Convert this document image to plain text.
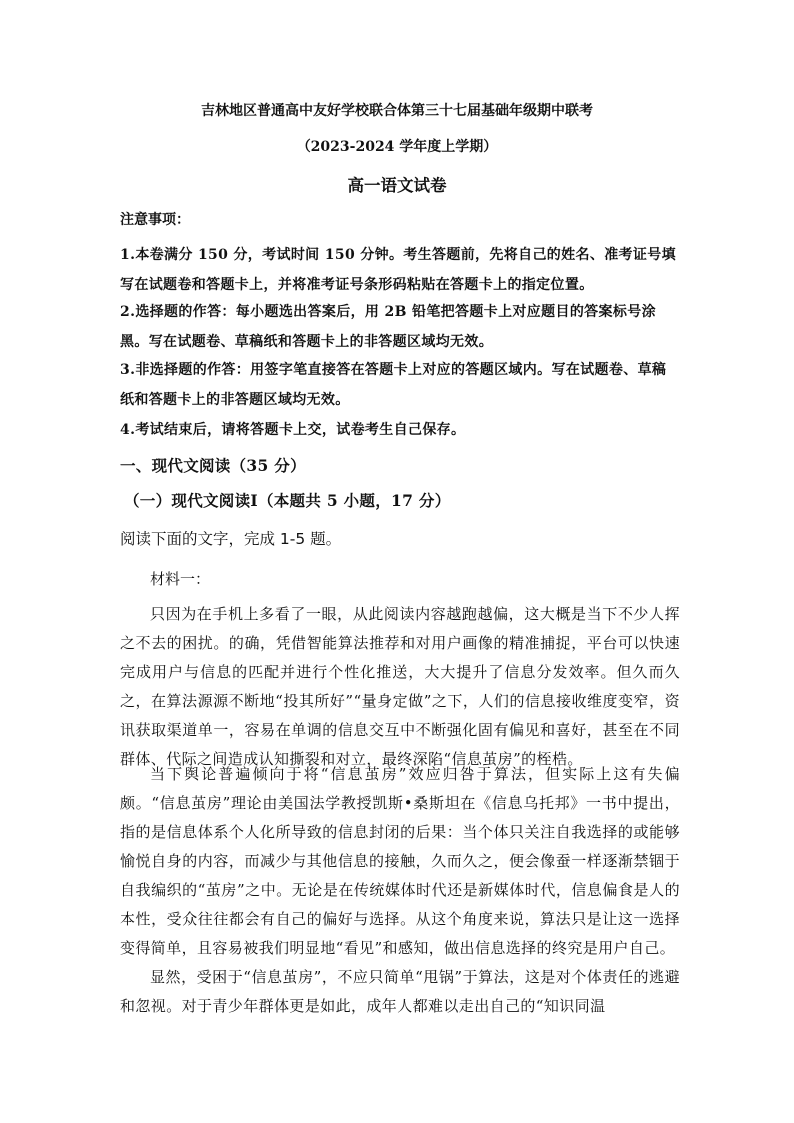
吉林地区普通高中友好学校联合体第三十七届基础年级期中联考
（2023-2024 学年度上学期）
高一语文试卷
注意事项：
1.本卷满分 150 分，考试时间 150 分钟。考生答题前，先将自己的姓名、准考证号填写在试题卷和答题卡上，并将准考证号条形码粘贴在答题卡上的指定位置。
2.选择题的作答：每小题选出答案后，用 2B 铅笔把答题卡上对应题目的答案标号涂黑。写在试题卷、草稿纸和答题卡上的非答题区域均无效。
3.非选择题的作答：用签字笔直接答在答题卡上对应的答题区域内。写在试题卷、草稿纸和答题卡上的非答题区域均无效。
4.考试结束后，请将答题卡上交，试卷考生自己保存。
一、现代文阅读（35 分）
（一）现代文阅读Ⅰ（本题共 5 小题，17 分）
阅读下面的文字，完成 1-5 题。
材料一：
只因为在手机上多看了一眼，从此阅读内容越跑越偏，这大概是当下不少人挥之不去的困扰。的确，凭借智能算法推荐和对用户画像的精准捕捉，平台可以快速完成用户与信息的匹配并进行个性化推送，大大提升了信息分发效率。但久而久之，在算法源源不断地“投其所好”“量身定做”之下，人们的信息接收维度变窄，资讯获取渠道单一，容易在单调的信息交互中不断强化固有偏见和喜好，甚至在不同群体、代际之间造成认知撕裂和对立，最终深陷“信息茧房”的桎梏。
当下舆论普遍倾向于将“信息茧房”效应归咎于算法，但实际上这有失偏颇。“信息茧房”理论由美国法学教授凯斯•桑斯坦在《信息乌托邦》一书中提出，指的是信息体系个人化所导致的信息封闭的后果：当个体只关注自我选择的或能够愉悦自身的内容，而减少与其他信息的接触，久而久之，便会像蚕一样逐渐禁锢于自我编织的“茧房”之中。无论是在传统媒体时代还是新媒体时代，信息偏食是人的本性，受众往往都会有自己的偏好与选择。从这个角度来说，算法只是让这一选择变得简单，且容易被我们明显地“看见”和感知，做出信息选择的终究是用户自己。
显然，受困于“信息茧房”，不应只简单“甩锅”于算法，这是对个体责任的逃避和忽视。对于青少年群体更是如此，成年人都难以走出自己的“知识同温
